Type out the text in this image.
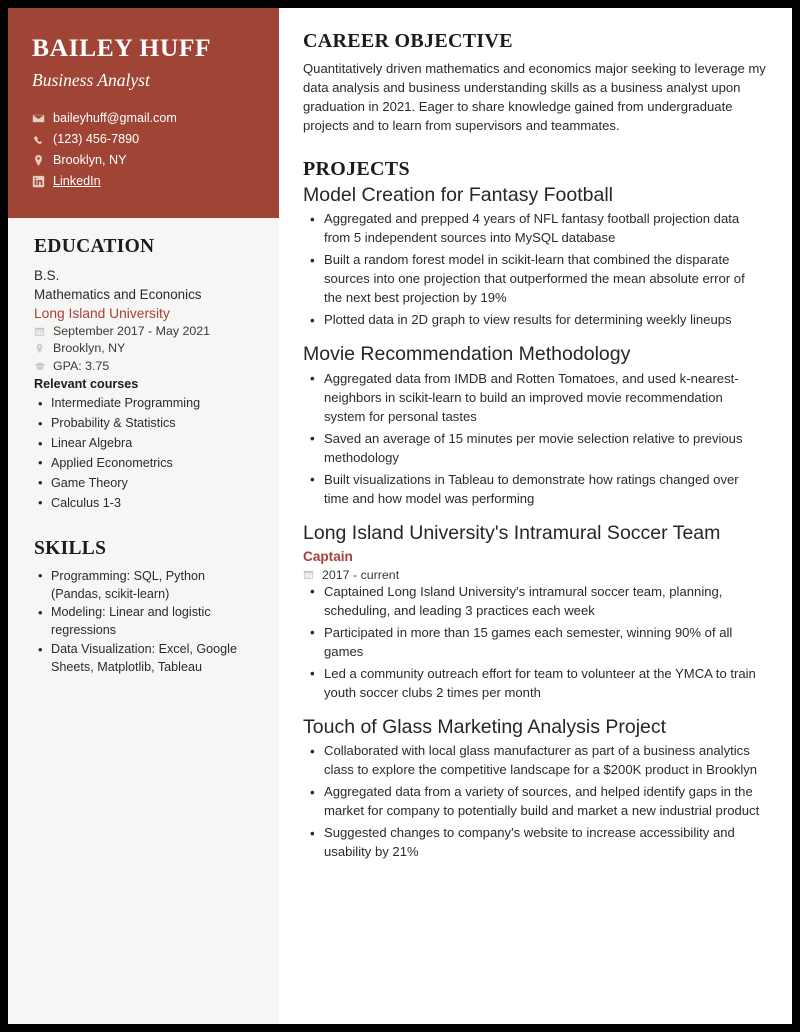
BAILEY HUFF
Business Analyst
baileyhuff@gmail.com
(123) 456-7890
Brooklyn, NY
LinkedIn
EDUCATION
B.S.
Mathematics and Econonics
Long Island University
September 2017 - May 2021
Brooklyn, NY
GPA: 3.75
Relevant courses
• Intermediate Programming
• Probability & Statistics
• Linear Algebra
• Applied Econometrics
• Game Theory
• Calculus 1-3
SKILLS
• Programming: SQL, Python (Pandas, scikit-learn)
• Modeling: Linear and logistic regressions
• Data Visualization: Excel, Google Sheets, Matplotlib, Tableau
CAREER OBJECTIVE

Quantitatively driven mathematics and economics major seeking to leverage my data analysis and business understanding skills as a business analyst upon graduation in 2021. Eager to share knowledge gained from undergraduate projects and to learn from supervisors and teammates.

PROJECTS
Model Creation for Fantasy Football
• Aggregated and prepped 4 years of NFL fantasy football projection data from 5 independent sources into MySQL database
• Built a random forest model in scikit-learn that combined the disparate sources into one projection that outperformed the mean absolute error of the next best projection by 19%
• Plotted data in 2D graph to view results for determining weekly lineups
Movie Recommendation Methodology
• Aggregated data from IMDB and Rotten Tomatoes, and used k-nearest-neighbors in scikit-learn to build an improved movie recommendation system for personal tastes
• Saved an average of 15 minutes per movie selection relative to previous methodology
• Built visualizations in Tableau to demonstrate how ratings changed over time and how model was performing
Long Island University's Intramural Soccer Team
Captain
2017 - current
• Captained Long Island University's intramural soccer team, planning, scheduling, and leading 3 practices each week
• Participated in more than 15 games each semester, winning 90% of all games
• Led a community outreach effort for team to volunteer at the YMCA to train youth soccer clubs 2 times per month
Touch of Glass Marketing Analysis Project
• Collaborated with local glass manufacturer as part of a business analytics class to explore the competitive landscape for a $200K product in Brooklyn
• Aggregated data from a variety of sources, and helped identify gaps in the market for company to potentially build and market a new industrial product
• Suggested changes to company's website to increase accessibility and usability by 21%
